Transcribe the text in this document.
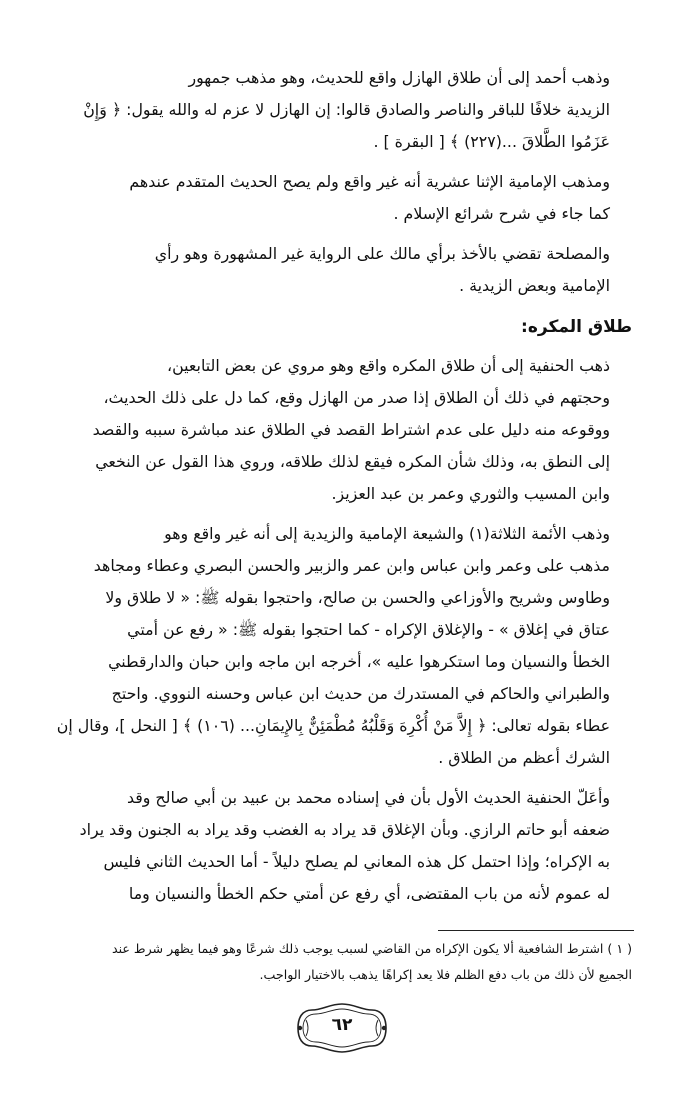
وذهب أحمد إلى أن طلاق الهازل واقع للحديث، وهو مذهب جمهور
الزيدية خلافًا للباقر والناصر والصادق قالوا: إن الهازل لا عزم له والله يقول: ﴿ وَإِنْ
عَزَمُوا الطَّلاقَ ...(٢٢٧) ﴾ [ البقرة ] .

ومذهب الإمامية الإثنا عشرية أنه غير واقع ولم يصح الحديث المتقدم عندهم
كما جاء في شرح شرائع الإسلام .

والمصلحة تقضي بالأخذ برأي مالك على الرواية غير المشهورة وهو رأي
الإمامية وبعض الزيدية .

طلاق المكره:

ذهب الحنفية إلى أن طلاق المكره واقع وهو مروي عن بعض التابعين،
وحجتهم في ذلك أن الطلاق إذا صدر من الهازل وقع، كما دل على ذلك الحديث،
ووقوعه منه دليل على عدم اشتراط القصد في الطلاق عند مباشرة سببه والقصد
إلى النطق به، وذلك شأن المكره فيقع لذلك طلاقه، وروي هذا القول عن النخعي
وابن المسيب والثوري وعمر بن عبد العزيز.

وذهب الأئمة الثلاثة(١) والشيعة الإمامية والزيدية إلى أنه غير واقع وهو
مذهب على وعمر وابن عباس وابن عمر والزبير والحسن البصري وعطاء ومجاهد
وطاوس وشريح والأوزاعي والحسن بن صالح، واحتجوا بقوله ﷺ: « لا طلاق ولا
عتاق في إغلاق » - والإغلاق الإكراه - كما احتجوا بقوله ﷺ: « رفع عن أمتي
الخطأ والنسيان وما استكرهوا عليه »، أخرجه ابن ماجه وابن حبان والدارقطني
والطبراني والحاكم في المستدرك من حديث ابن عباس وحسنه النووي. واحتج
عطاء بقوله تعالى: ﴿ إِلاَّ مَنْ أُكْرِهَ وَقَلْبُهُ مُطْمَئِنٌّ بِالإِيمَانِ... (١٠٦) ﴾ [ النحل ]، وقال إن
الشرك أعظم من الطلاق .

وأعَلّ الحنفية الحديث الأول بأن في إسناده محمد بن عبيد بن أبي صالح وقد
ضعفه أبو حاتم الرازي. وبأن الإغلاق قد يراد به الغضب وقد يراد به الجنون وقد يراد
به الإكراه؛ وإذا احتمل كل هذه المعاني لم يصلح دليلاً - أما الحديث الثاني فليس
له عموم لأنه من باب المقتضى، أي رفع عن أمتي حكم الخطأ والنسيان وما

( ١ ) اشترط الشافعية ألا يكون الإكراه من القاضي لسبب يوجب ذلك شرعًا وهو فيما يظهر شرط عند
الجميع لأن ذلك من باب دفع الظلم فلا يعد إكراهًا يذهب بالاختيار الواجب.
٦٢
